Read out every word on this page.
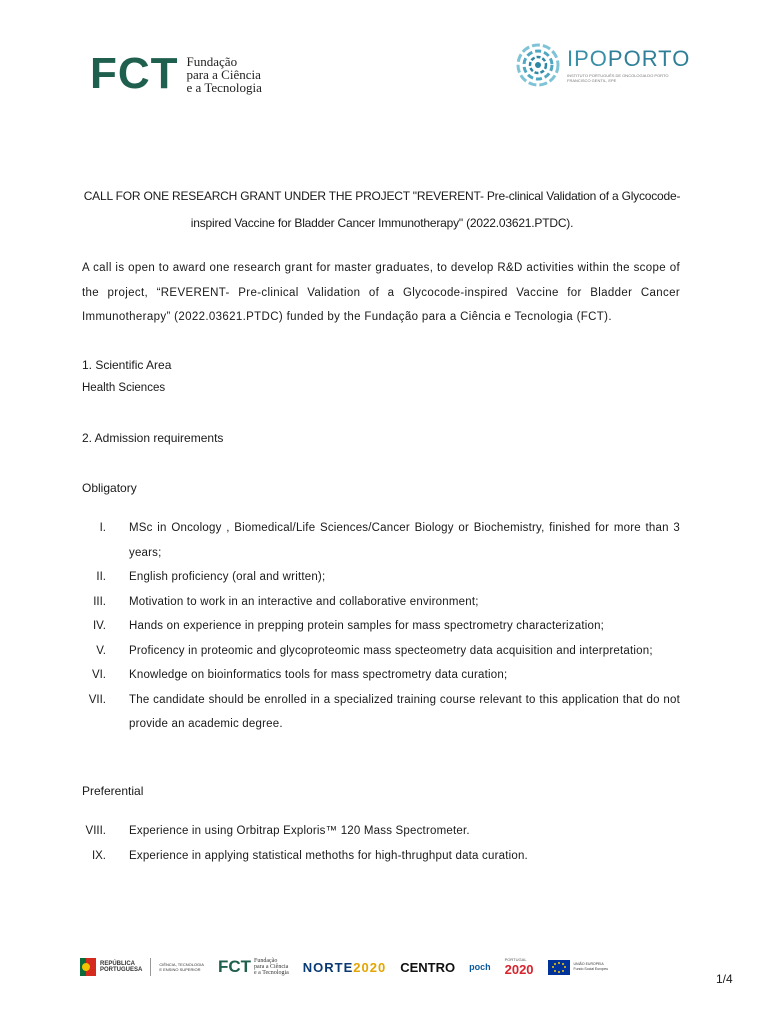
FCT Fundação
para a Ciência
e a Tecnologia
IPOPORTO
INSTITUTO PORTUGUÊS DE ONCOLOGIA DO PORTO FRANCISCO GENTIL, EPE
CALL FOR ONE RESEARCH GRANT UNDER THE PROJECT "REVERENT- Pre-clinical Validation of a Glycocode-
inspired Vaccine for Bladder Cancer Immunotherapy" (2022.03621.PTDC).
A call is open to award one research grant for master graduates, to develop R&D activities within the scope of the project, “REVERENT- Pre-clinical Validation of a Glycocode-inspired Vaccine for Bladder Cancer Immunotherapy” (2022.03621.PTDC) funded by the Fundação para a Ciência e Tecnologia (FCT).
1. Scientific Area
Health Sciences
2. Admission requirements
Obligatory
I. MSc in Oncology , Biomedical/Life Sciences/Cancer Biology or Biochemistry, finished for more than 3 years;
II. English proficiency (oral and written);
III. Motivation to work in an interactive and collaborative environment;
IV. Hands on experience in prepping protein samples for mass spectrometry characterization;
V. Proficency in proteomic and glycoproteomic mass specteometry data acquisition and interpretation;
VI. Knowledge on bioinformatics tools for mass spectrometry data curation;
VII. The candidate should be enrolled in a specialized training course relevant to this application that do not provide an academic degree.
Preferential
VIII. Experience in using Orbitrap Exploris™ 120 Mass Spectrometer.
IX. Experience in applying statistical methoths for high-thrughput data curation.
REPÚBLICA
PORTUGUESA
CIÊNCIA, TECNOLOGIA
E ENSINO SUPERIOR FCT Fundação
para a Ciência
e a Tecnologia NORTE 2020 CENTRO poch
PORTUGAL
2020	UNIÃO EUROPEIA
Fundo Social Europeu
1/4
